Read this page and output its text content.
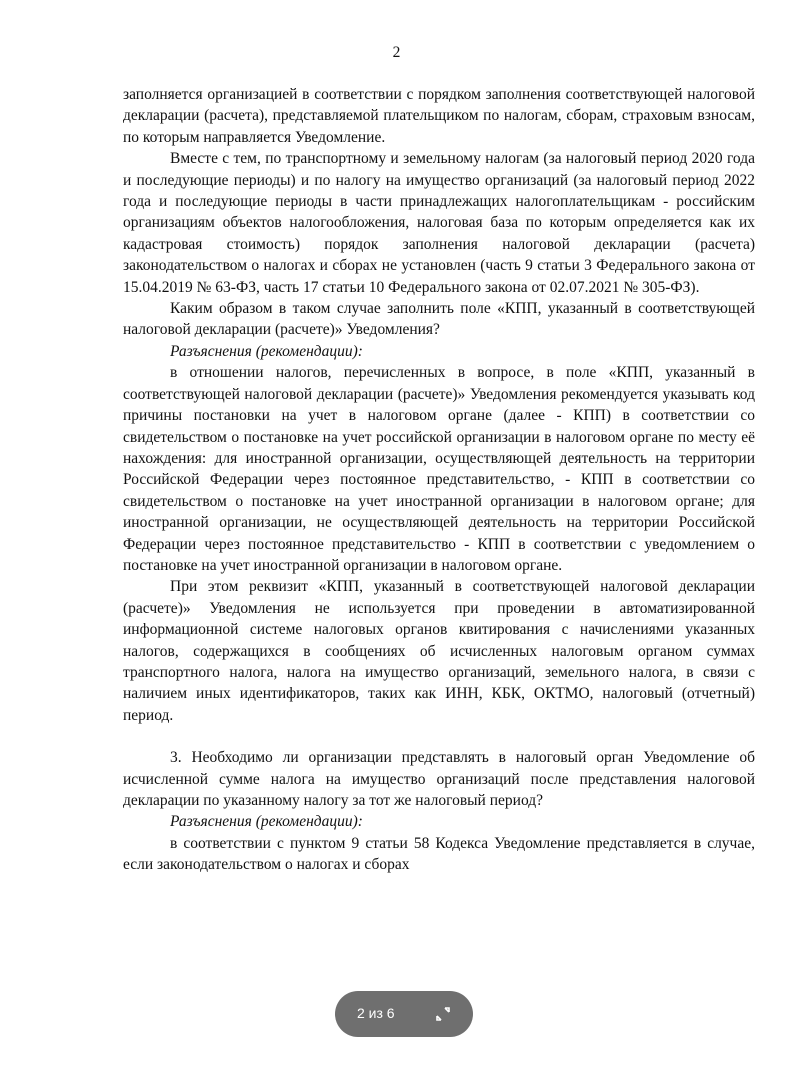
2

заполняется организацией в соответствии с порядком заполнения соответствующей налоговой декларации (расчета), представляемой плательщиком по налогам, сборам, страховым взносам, по которым направляется Уведомление.

Вместе с тем, по транспортному и земельному налогам (за налоговый период 2020 года и последующие периоды) и по налогу на имущество организаций (за налоговый период 2022 года и последующие периоды в части принадлежащих налогоплательщикам - российским организациям объектов налогообложения, налоговая база по которым определяется как их кадастровая стоимость) порядок заполнения налоговой декларации (расчета) законодательством о налогах и сборах не установлен (часть 9 статьи 3 Федерального закона от 15.04.2019 № 63-ФЗ, часть 17 статьи 10 Федерального закона от 02.07.2021 № 305-ФЗ).

Каким образом в таком случае заполнить поле «КПП, указанный в соответствующей налоговой декларации (расчете)» Уведомления?

Разъяснения (рекомендации):

в отношении налогов, перечисленных в вопросе, в поле «КПП, указанный в соответствующей налоговой декларации (расчете)» Уведомления рекомендуется указывать код причины постановки на учет в налоговом органе (далее - КПП) в соответствии со свидетельством о постановке на учет российской организации в налоговом органе по месту её нахождения: для иностранной организации, осуществляющей деятельность на территории Российской Федерации через постоянное представительство, - КПП в соответствии со свидетельством о постановке на учет иностранной организации в налоговом органе; для иностранной организации, не осуществляющей деятельность на территории Российской Федерации через постоянное представительство - КПП в соответствии с уведомлением о постановке на учет иностранной организации в налоговом органе.

При этом реквизит «КПП, указанный в соответствующей налоговой декларации (расчете)» Уведомления не используется при проведении в автоматизированной информационной системе налоговых органов квитирования с начислениями указанных налогов, содержащихся в сообщениях об исчисленных налоговым органом суммах транспортного налога, налога на имущество организаций, земельного налога, в связи с наличием иных идентификаторов, таких как ИНН, КБК, ОКТМО, налоговый (отчетный) период.

3. Необходимо ли организации представлять в налоговый орган Уведомление об исчисленной сумме налога на имущество организаций после представления налоговой декларации по указанному налогу за тот же налоговый период?

Разъяснения (рекомендации):

в соответствии с пунктом 9 статьи 58 Кодекса Уведомление представляется в случае, если законодательством о налогах и сборах

2 из 6
